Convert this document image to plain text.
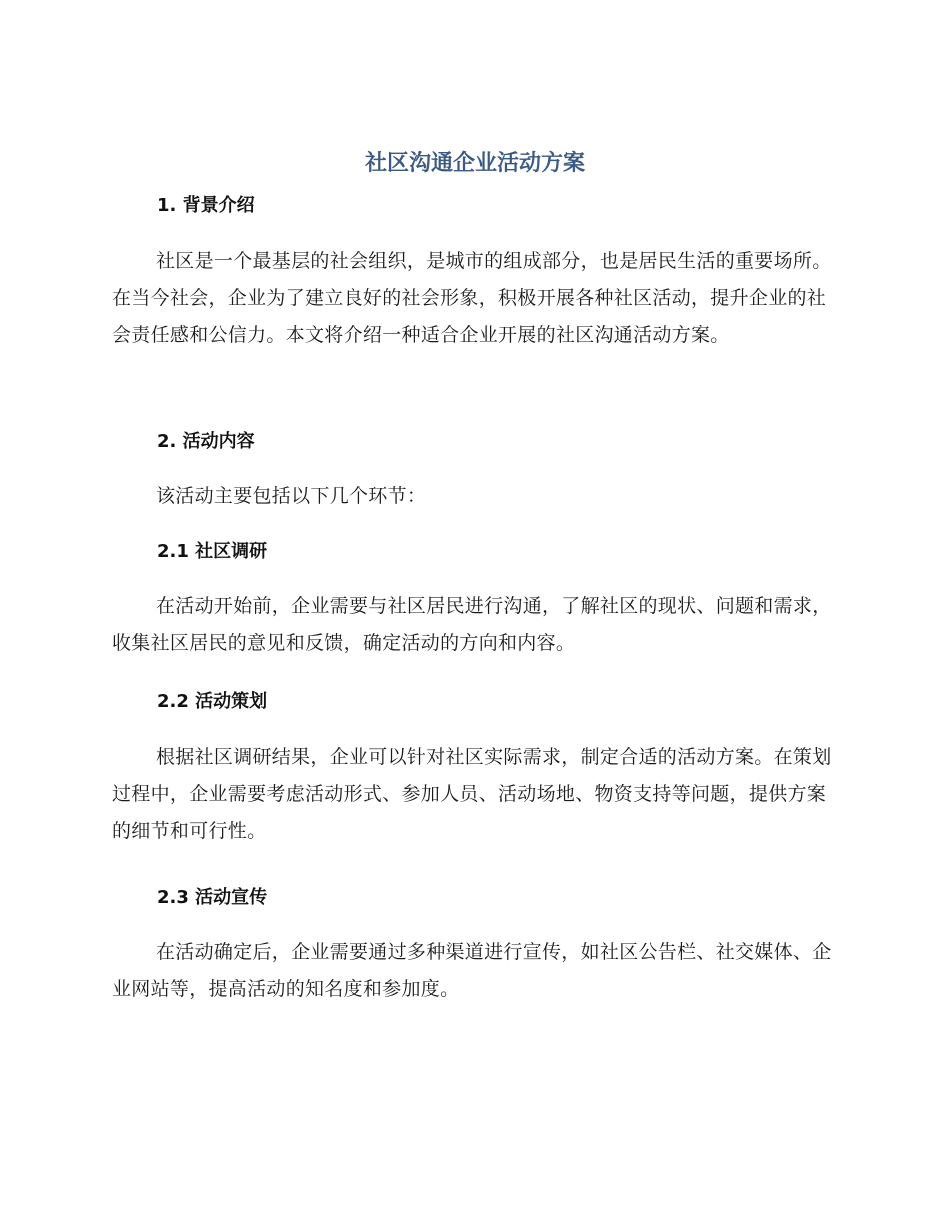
社区沟通企业活动方案
1. 背景介绍

社区是一个最基层的社会组织，是城市的组成部分，也是居民生活的重要场所。在当今社会，企业为了建立良好的社会形象，积极开展各种社区活动，提升企业的社会责任感和公信力。本文将介绍一种适合企业开展的社区沟通活动方案。

2. 活动内容

该活动主要包括以下几个环节：

2.1 社区调研

在活动开始前，企业需要与社区居民进行沟通，了解社区的现状、问题和需求，收集社区居民的意见和反馈，确定活动的方向和内容。

2.2 活动策划

根据社区调研结果，企业可以针对社区实际需求，制定合适的活动方案。在策划过程中，企业需要考虑活动形式、参加人员、活动场地、物资支持等问题，提供方案的细节和可行性。

2.3 活动宣传

在活动确定后，企业需要通过多种渠道进行宣传，如社区公告栏、社交媒体、企业网站等，提高活动的知名度和参加度。
